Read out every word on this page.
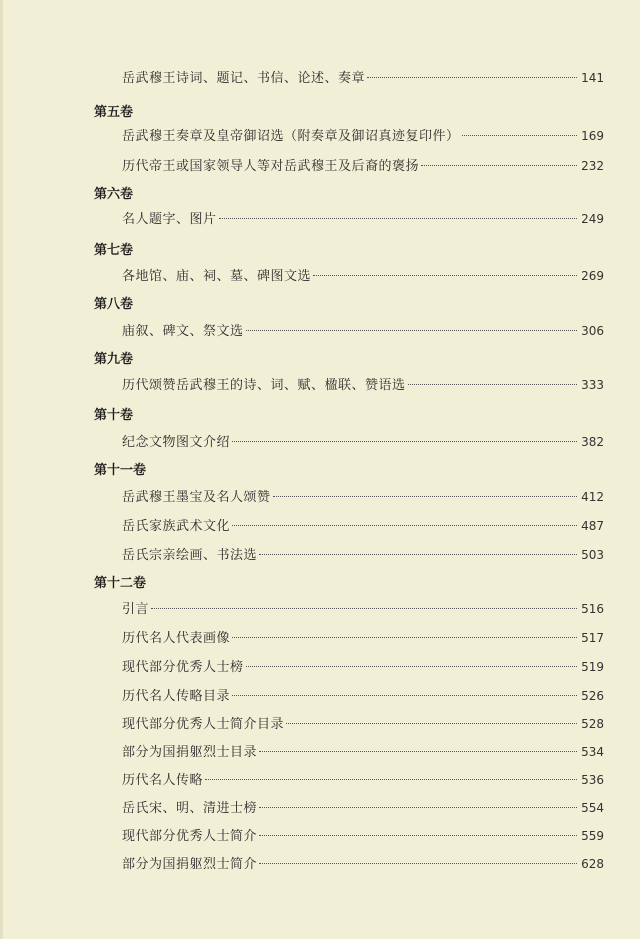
岳武穆王诗词、题记、书信、论述、奏章	141
第五卷
岳武穆王奏章及皇帝御诏选（附奏章及御诏真迹复印件）	169
历代帝王或国家领导人等对岳武穆王及后裔的褒扬	232
第六卷
名人题字、图片	249
第七卷
各地馆、庙、祠、墓、碑图文选	269
第八卷
庙叙、碑文、祭文选	306
第九卷
历代颂赞岳武穆王的诗、词、赋、楹联、赞语选	333
第十卷
纪念文物图文介绍	382
第十一卷
岳武穆王墨宝及名人颂赞	412
岳氏家族武术文化	487
岳氏宗亲绘画、书法选	503
第十二卷
引言	516
历代名人代表画像	517
现代部分优秀人士榜	519
历代名人传略目录	526
现代部分优秀人士简介目录	528
部分为国捐躯烈士目录	534
历代名人传略	536
岳氏宋、明、清进士榜	554
现代部分优秀人士简介	559
部分为国捐躯烈士简介	628
